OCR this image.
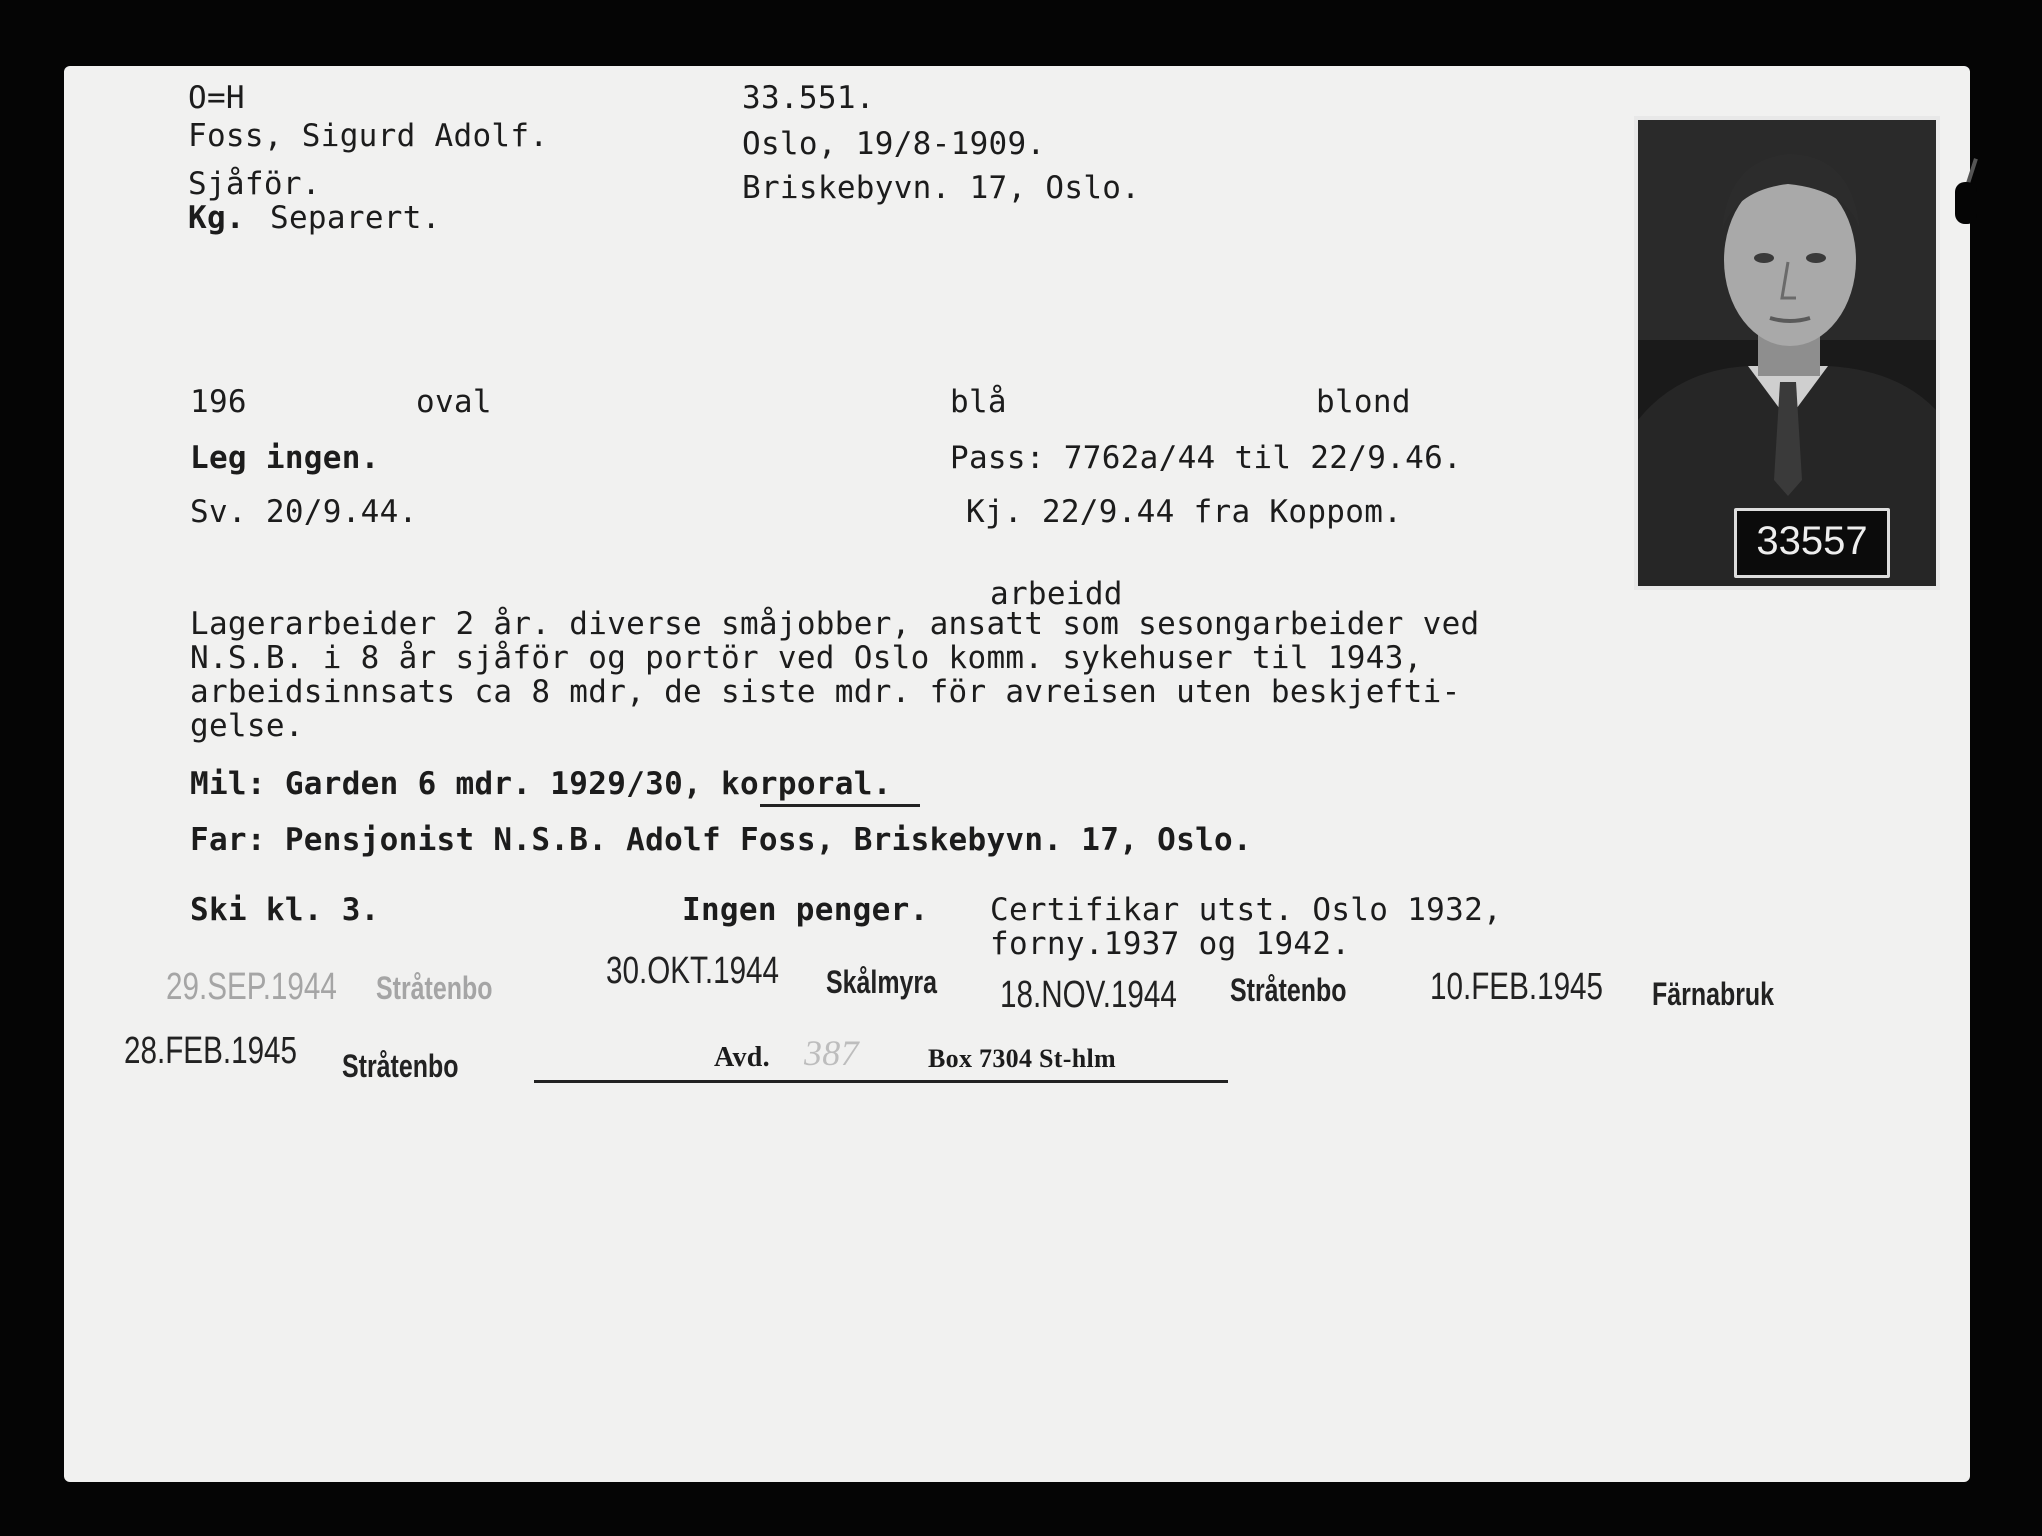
O=H
Foss, Sigurd Adolf.
Sjåför.
Kg. Separert.
33.551.
Oslo, 19/8-1909.
Briskebyvn. 17, Oslo.
196	oval	blå	blond
Leg ingen.	Pass: 7762a/44 til 22/9.46.
Sv. 20/9.44.	Kj. 22/9.44 fra Koppom.
arbeidd
Lagerarbeider 2 år. diverse småjobber, ansatt som sesongarbeider ved
N.S.B. i 8 år sjåför og portör ved Oslo komm. sykehuser til 1943,
arbeidsinnsats ca 8 mdr, de siste mdr. för avreisen uten beskjefti-
gelse.
Mil: Garden 6 mdr. 1929/30, korporal.
Far: Pensjonist N.S.B. Adolf Foss, Briskebyvn. 17, Oslo.
Ski kl. 3.	Ingen penger. Certifikar utst. Oslo 1932,
forny.1937 og 1942.
29.SEP.1944 Stråtenbo	30.OKT.1944 Skålmyra 18.NOV.1944 Stråtenbo 10.FEB.1945 Färnabruk
28.FEB.1945 Stråtenbo	Avd. 387	Box 7304 St-hlm
33557
